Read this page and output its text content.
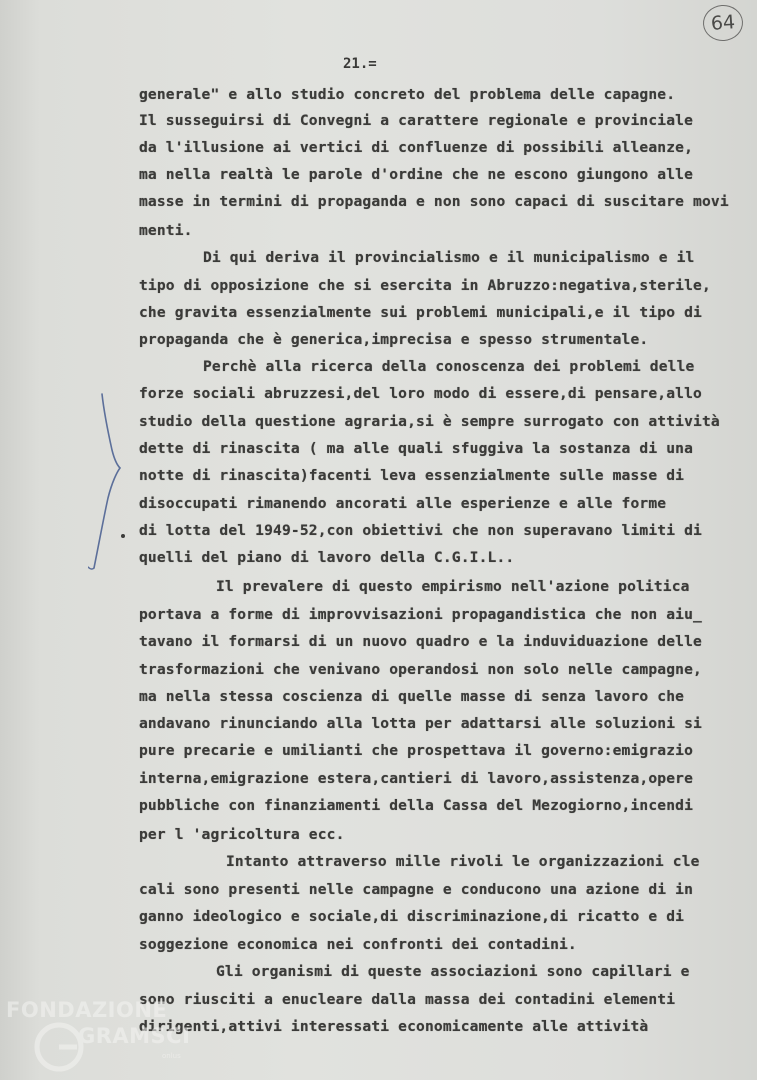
64
21.=

generale" e allo studio concreto del problema delle capagne.

Il susseguirsi di Convegni a carattere regionale e provinciale

da l'illusione ai vertici di confluenze di possibili alleanze,

ma nella realtà le parole d'ordine che ne escono giungono alle

masse in termini di propaganda e non sono capaci di suscitare movi

menti.

Di qui deriva il provincialismo e il municipalismo e il

tipo di opposizione che si esercita in Abruzzo:negativa,sterile,

che gravita essenzialmente sui problemi municipali,e il tipo di

propaganda che è generica,imprecisa e spesso strumentale.

Perchè alla ricerca della conoscenza dei problemi delle

forze sociali abruzzesi,del loro modo di essere,di pensare,allo

studio della questione agraria,si è sempre surrogato con attività

dette di rinascita ( ma alle quali sfuggiva la sostanza di una

notte di rinascita)facenti leva essenzialmente sulle masse di

disoccupati rimanendo ancorati alle esperienze e alle forme

di lotta del 1949-52,con obiettivi che non superavano limiti di

quelli del piano di lavoro della C.G.I.L..

Il prevalere di questo empirismo nell'azione politica

portava a forme di improvvisazioni propagandistica che non aiu_

tavano il formarsi di un nuovo quadro e la induviduazione delle

trasformazioni che venivano operandosi non solo nelle campagne,

ma nella stessa coscienza di quelle masse di senza lavoro che

andavano rinunciando alla lotta per adattarsi alle soluzioni si

pure precarie e umilianti che prospettava il governo:emigrazio

interna,emigrazione estera,cantieri di lavoro,assistenza,opere

pubbliche con finanziamenti della Cassa del Mezogiorno,incendi

per l 'agricoltura ecc.

Intanto attraverso mille rivoli le organizzazioni cle

cali sono presenti nelle campagne e conducono una azione di in

ganno ideologico e sociale,di discriminazione,di ricatto e di

soggezione economica nei confronti dei contadini.

Gli organismi di queste associazioni sono capillari e

sono riusciti a enucleare dalla massa dei contadini elementi

dirigenti,attivi interessati economicamente alle attività

FONDAZIONE
GRAMSCI
onlus
